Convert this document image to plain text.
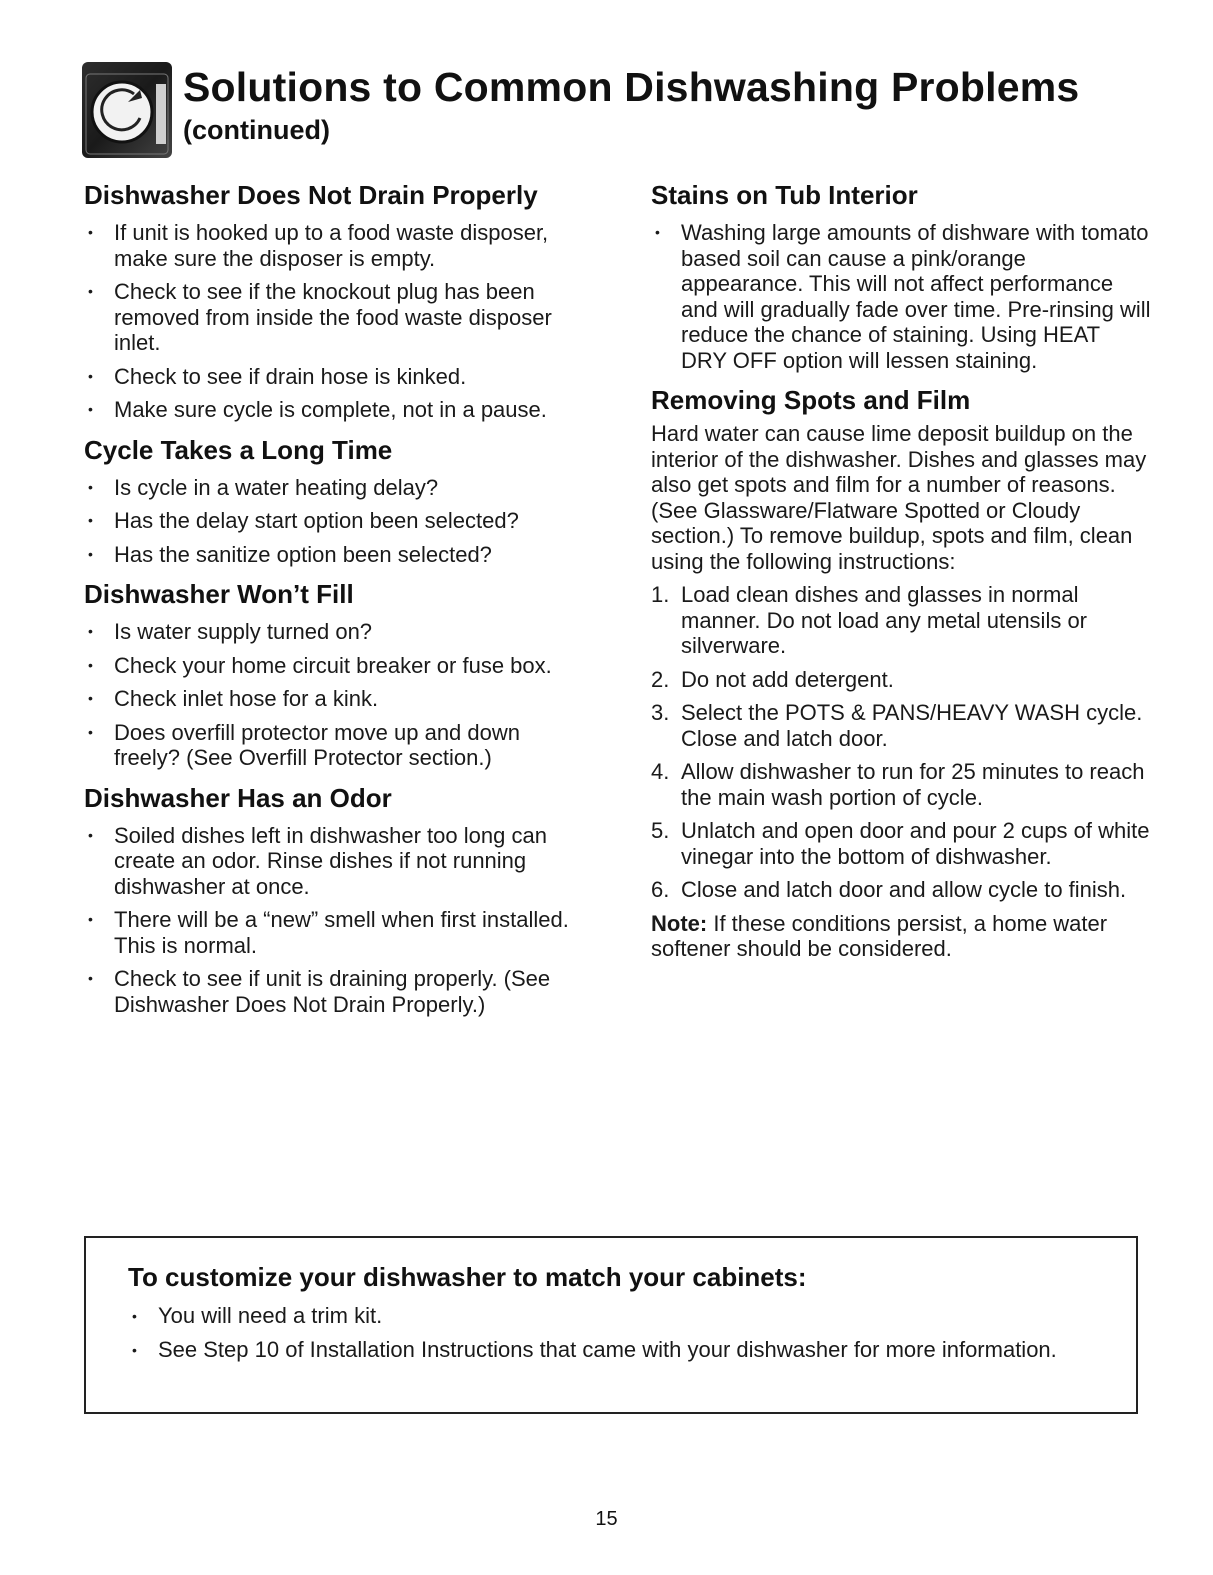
Solutions to Common Dishwashing Problems
(continued)
Dishwasher Does Not Drain Properly
• If unit is hooked up to a food waste disposer, make sure the disposer is empty.
• Check to see if the knockout plug has been removed from inside the food waste disposer inlet.
• Check to see if drain hose is kinked.
• Make sure cycle is complete, not in a pause.
Cycle Takes a Long Time
• Is cycle in a water heating delay?
• Has the delay start option been selected?
• Has the sanitize option been selected?
Dishwasher Won’t Fill
• Is water supply turned on?
• Check your home circuit breaker or fuse box.
• Check inlet hose for a kink.
• Does overfill protector move up and down freely? (See Overfill Protector section.)
Dishwasher Has an Odor
• Soiled dishes left in dishwasher too long can create an odor. Rinse dishes if not running dishwasher at once.
• There will be a “new” smell when first installed. This is normal.
• Check to see if unit is draining properly. (See Dishwasher Does Not Drain Properly.)
Stains on Tub Interior
• Washing large amounts of dishware with tomato based soil can cause a pink/orange appearance. This will not affect performance and will gradually fade over time. Pre-rinsing will reduce the chance of staining. Using HEAT DRY OFF option will lessen staining.
Removing Spots and Film

Hard water can cause lime deposit buildup on the interior of the dishwasher. Dishes and glasses may also get spots and film for a number of reasons. (See Glassware/Flatware Spotted or Cloudy section.) To remove buildup, spots and film, clean using the following instructions:

1. Load clean dishes and glasses in normal manner. Do not load any metal utensils or silverware.
2. Do not add detergent.
3. Select the POTS & PANS/HEAVY WASH cycle. Close and latch door.
4. Allow dishwasher to run for 25 minutes to reach the main wash portion of cycle.
5. Unlatch and open door and pour 2 cups of white vinegar into the bottom of dishwasher.
6. Close and latch door and allow cycle to finish.

Note: If these conditions persist, a home water softener should be considered.

To customize your dishwasher to match your cabinets:
• You will need a trim kit.
• See Step 10 of Installation Instructions that came with your dishwasher for more information.
15
